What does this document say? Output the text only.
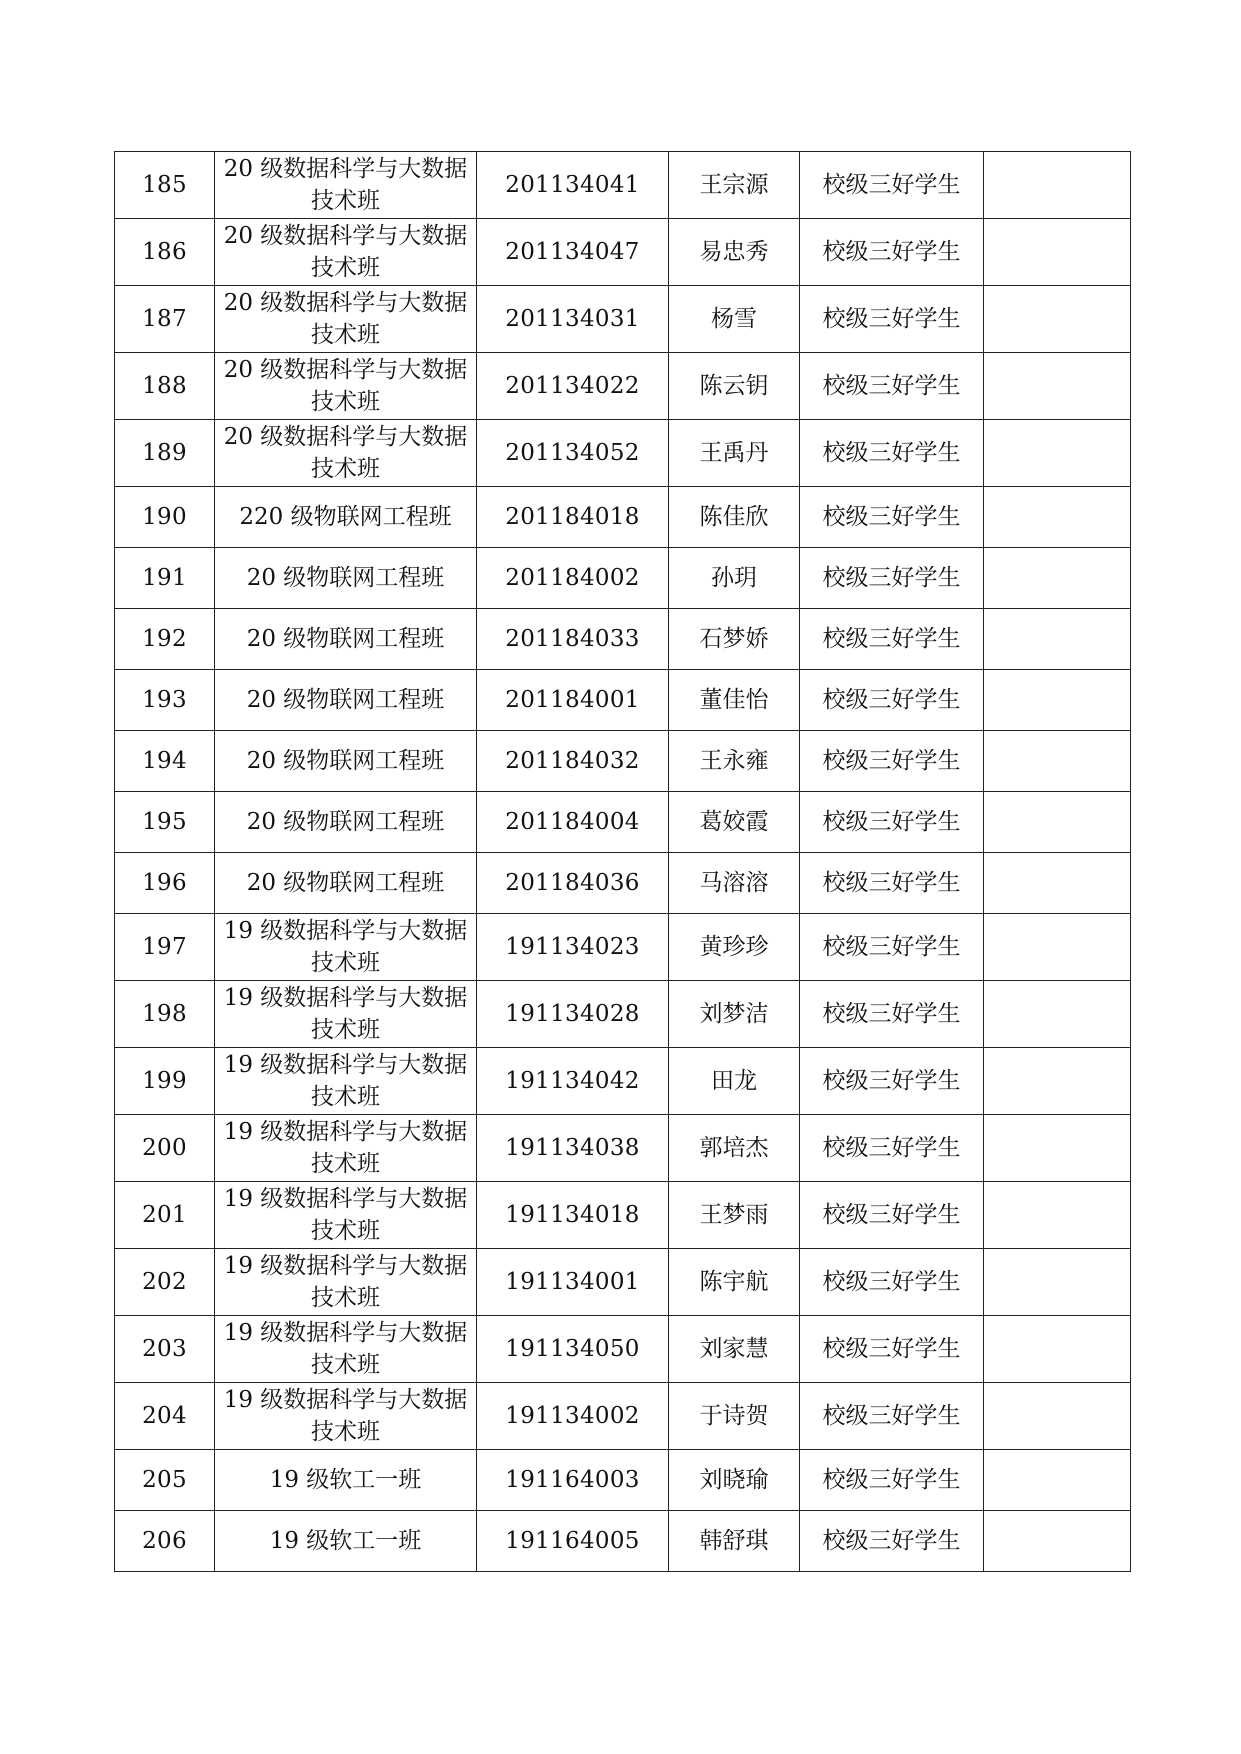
185	20 级数据科学与大数据技术班	201134041	王宗源	校级三好学生	
186	20 级数据科学与大数据技术班	201134047	易忠秀	校级三好学生	
187	20 级数据科学与大数据技术班	201134031	杨雪	校级三好学生	
188	20 级数据科学与大数据技术班	201134022	陈云钥	校级三好学生	
189	20 级数据科学与大数据技术班	201134052	王禹丹	校级三好学生	
190	220 级物联网工程班	201184018	陈佳欣	校级三好学生	
191	20 级物联网工程班	201184002	孙玥	校级三好学生	
192	20 级物联网工程班	201184033	石梦娇	校级三好学生	
193	20 级物联网工程班	201184001	董佳怡	校级三好学生	
194	20 级物联网工程班	201184032	王永雍	校级三好学生	
195	20 级物联网工程班	201184004	葛姣霞	校级三好学生	
196	20 级物联网工程班	201184036	马溶溶	校级三好学生	
197	19 级数据科学与大数据技术班	191134023	黄珍珍	校级三好学生	
198	19 级数据科学与大数据技术班	191134028	刘梦洁	校级三好学生	
199	19 级数据科学与大数据技术班	191134042	田龙	校级三好学生	
200	19 级数据科学与大数据技术班	191134038	郭培杰	校级三好学生	
201	19 级数据科学与大数据技术班	191134018	王梦雨	校级三好学生	
202	19 级数据科学与大数据技术班	191134001	陈宇航	校级三好学生	
203	19 级数据科学与大数据技术班	191134050	刘家慧	校级三好学生	
204	19 级数据科学与大数据技术班	191134002	于诗贺	校级三好学生	
205	19 级软工一班	191164003	刘晓瑜	校级三好学生	
206	19 级软工一班	191164005	韩舒琪	校级三好学生	
